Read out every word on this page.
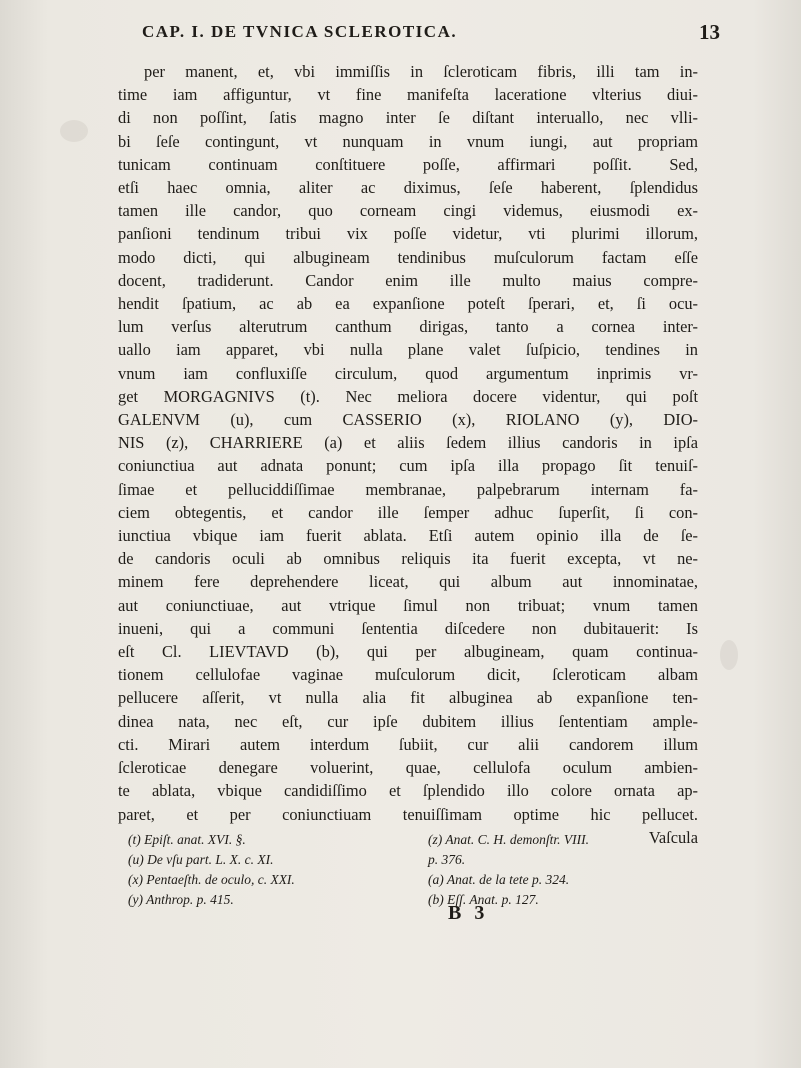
CAP. I. DE TVNICA SCLEROTICA.	13
per manent, et, vbi immiſſis in ſcleroticam fibris, illi tam in-
time iam affiguntur, vt fine manifeſta laceratione vlterius diui-
di non poſſint, ſatis magno inter ſe diſtant interuallo, nec vlli-
bi ſeſe contingunt, vt nunquam in vnum iungi, aut propriam
tunicam continuam conſtituere poſſe, affirmari poſſit. Sed,
etſi haec omnia, aliter ac diximus, ſeſe haberent, ſplendidus
tamen ille candor, quo corneam cingi videmus, eiusmodi ex-
panſioni tendinum tribui vix poſſe videtur, vti plurimi illorum,
modo dicti, qui albugineam tendinibus muſculorum factam eſſe
docent, tradiderunt. Candor enim ille multo maius compre-
hendit ſpatium, ac ab ea expanſione poteſt ſperari, et, ſi ocu-
lum verſus alterutrum canthum dirigas, tanto a cornea inter-
uallo iam apparet, vbi nulla plane valet ſuſpicio, tendines in
vnum iam confluxiſſe circulum, quod argumentum inprimis vr-
get MORGAGNIVS (t). Nec meliora docere videntur, qui poſt
GALENVM (u), cum CASSERIO (x), RIOLANO (y), DIO-
NIS (z), CHARRIERE (a) et aliis ſedem illius candoris in ipſa
coniunctiua aut adnata ponunt; cum ipſa illa propago ſit tenuiſ-
ſimae et pelluciddiſſimae membranae, palpebrarum internam fa-
ciem obtegentis, et candor ille ſemper adhuc ſuperſit, ſi con-
iunctiua vbique iam fuerit ablata. Etſi autem opinio illa de ſe-
de candoris oculi ab omnibus reliquis ita fuerit excepta, vt ne-
minem fere deprehendere liceat, qui album aut innominatae,
aut coniunctiuae, aut vtrique ſimul non tribuat; vnum tamen
inueni, qui a communi ſententia diſcedere non dubitauerit: Is
eſt Cl. LIEVTAVD (b), qui per albugineam, quam continua-
tionem cellulofae vaginae muſculorum dicit, ſcleroticam albam
pellucere aſſerit, vt nulla alia fit albuginea ab expanſione ten-
dinea nata, nec eſt, cur ipſe dubitem illius ſententiam ample-
cti. Mirari autem interdum ſubiit, cur alii candorem illum
ſcleroticae denegare voluerint, quae, cellulofa oculum ambien-
te ablata, vbique candidiſſimo et ſplendido illo colore ornata ap-
paret, et per coniunctiuam tenuiſſimam optime hic pellucet.
Vaſcula
(t) Epiſt. anat. XVI. §.	(z) Anat. C. H. demonſtr. VIII.
(u) De vſu part. L. X. c. XI.	p. 376.
(x) Pentaeſth. de oculo, c. XXI.	(a) Anat. de la tete p. 324.
(y) Anthrop. p. 415.	(b) Eſſ. Anat. p. 127.
B 3
